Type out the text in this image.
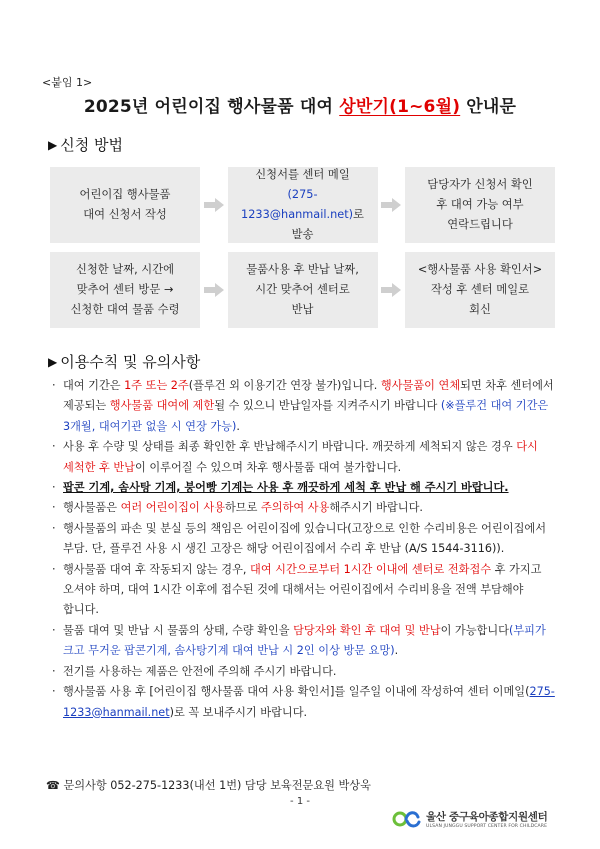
<붙임 1>
2025년 어린이집 행사물품 대여 상반기(1~6월) 안내문
▶ 신청 방법
어린이집 행사물품
대여 신청서 작성
신청서를 센터 메일
(275-1233@hanmail.net)로
발송
담당자가 신청서 확인
후 대여 가능 여부
연락드립니다
신청한 날짜, 시간에
맞추어 센터 방문 →
신청한 대여 물품 수령
물품사용 후 반납 날짜,
시간 맞추어 센터로
반납
<행사물품 사용 확인서>
작성 후 센터 메일로
회신
▶ 이용수칙 및 유의사항
· 대여 기간은 1주 또는 2주(플루건 외 이용기간 연장 불가)입니다. 행사물품이 연체되면 차후 센터에서 제공되는 행사물품 대여에 제한될 수 있으니 반납일자를 지켜주시기 바랍니다 (※플루건 대여 기간은 3개월, 대여기관 없을 시 연장 가능).
· 사용 후 수량 및 상태를 최종 확인한 후 반납해주시기 바랍니다. 깨끗하게 세척되지 않은 경우 다시 세척한 후 반납이 이루어질 수 있으며 차후 행사물품 대여 불가합니다.
· 팝콘 기계, 솜사탕 기계, 붕어빵 기계는 사용 후 깨끗하게 세척 후 반납 해 주시기 바랍니다.
· 행사물품은 여러 어린이집이 사용하므로 주의하여 사용해주시기 바랍니다.
· 행사물품의 파손 및 분실 등의 책임은 어린이집에 있습니다(고장으로 인한 수리비용은 어린이집에서 부담. 단, 플루건 사용 시 생긴 고장은 해당 어린이집에서 수리 후 반납 (A/S 1544-3116)).
· 행사물품 대여 후 작동되지 않는 경우, 대여 시간으로부터 1시간 이내에 센터로 전화접수 후 가지고 오셔야 하며, 대여 1시간 이후에 접수된 것에 대해서는 어린이집에서 수리비용을 전액 부담해야 합니다.
· 물품 대여 및 반납 시 물품의 상태, 수량 확인을 담당자와 확인 후 대여 및 반납이 가능합니다(부피가 크고 무거운 팝콘기계, 솜사탕기계 대여 반납 시 2인 이상 방문 요망).
· 전기를 사용하는 제품은 안전에 주의해 주시기 바랍니다.
· 행사물품 사용 후 [어린이집 행사물품 대여 사용 확인서]를 일주일 이내에 작성하여 센터 이메일(275-1233@hanmail.net)로 꼭 보내주시기 바랍니다.
☎ 문의사항 052-275-1233(내선 1번) 담당 보육전문요원 박상욱
- 1 -
울산 중구육아종합지원센터
ULSAN JUNGGU SUPPORT CENTER FOR CHILDCARE
